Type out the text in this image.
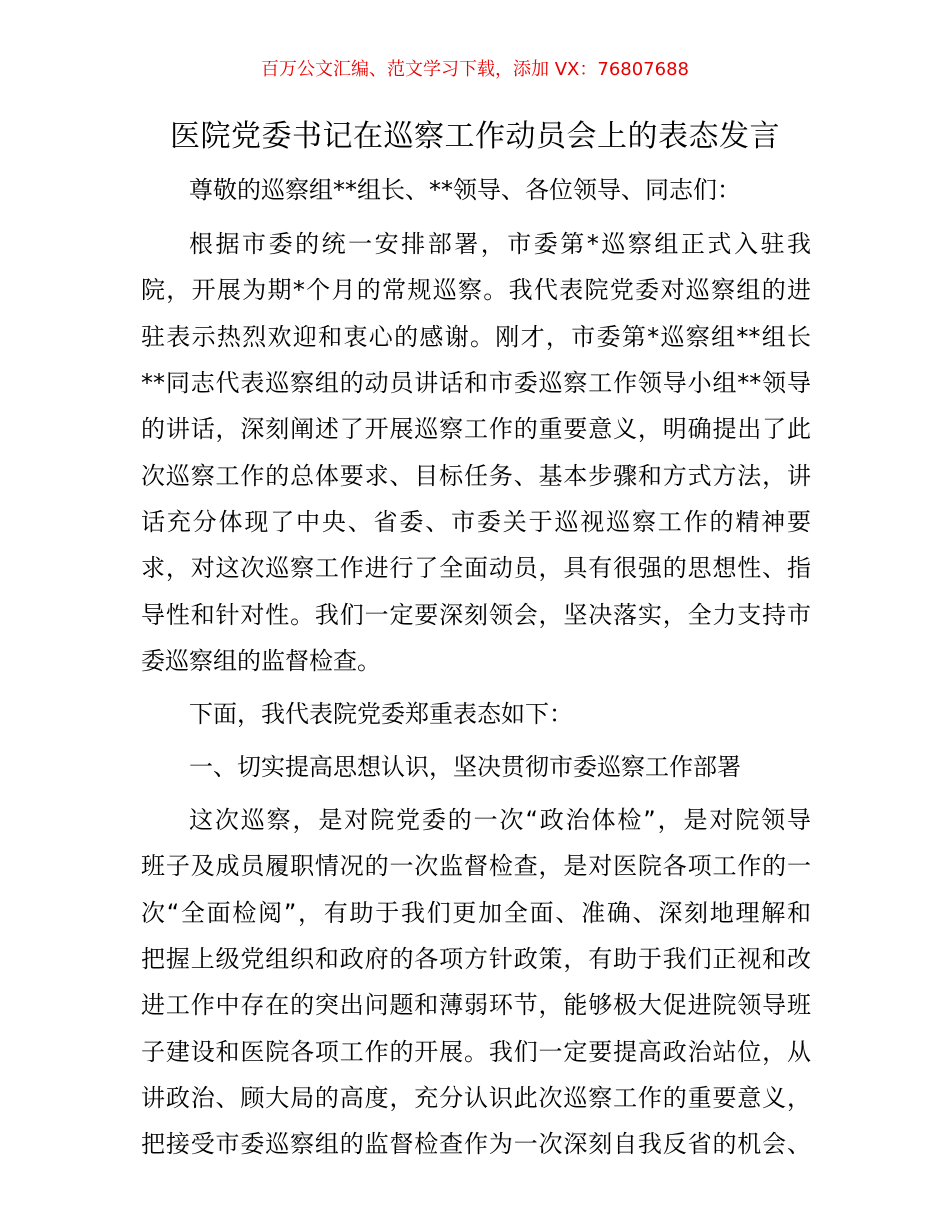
百万公文汇编、范文学习下载，添加 VX：76807688
医院党委书记在巡察工作动员会上的表态发言
尊敬的巡察组**组长、**领导、各位领导、同志们：
根据市委的统一安排部署，市委第*巡察组正式入驻我
院，开展为期*个月的常规巡察。我代表院党委对巡察组的进
驻表示热烈欢迎和衷心的感谢。刚才，市委第*巡察组**组长
**同志代表巡察组的动员讲话和市委巡察工作领导小组**领导
的讲话，深刻阐述了开展巡察工作的重要意义，明确提出了此
次巡察工作的总体要求、目标任务、基本步骤和方式方法，讲
话充分体现了中央、省委、市委关于巡视巡察工作的精神要
求，对这次巡察工作进行了全面动员，具有很强的思想性、指
导性和针对性。我们一定要深刻领会，坚决落实，全力支持市
委巡察组的监督检查。
下面，我代表院党委郑重表态如下：
一、切实提高思想认识，坚决贯彻市委巡察工作部署
这次巡察，是对院党委的一次“政治体检”，是对院领导
班子及成员履职情况的一次监督检查，是对医院各项工作的一
次“全面检阅”，有助于我们更加全面、准确、深刻地理解和
把握上级党组织和政府的各项方针政策，有助于我们正视和改
进工作中存在的突出问题和薄弱环节，能够极大促进院领导班
子建设和医院各项工作的开展。我们一定要提高政治站位，从
讲政治、顾大局的高度，充分认识此次巡察工作的重要意义，
把接受市委巡察组的监督检查作为一次深刻自我反省的机会、
